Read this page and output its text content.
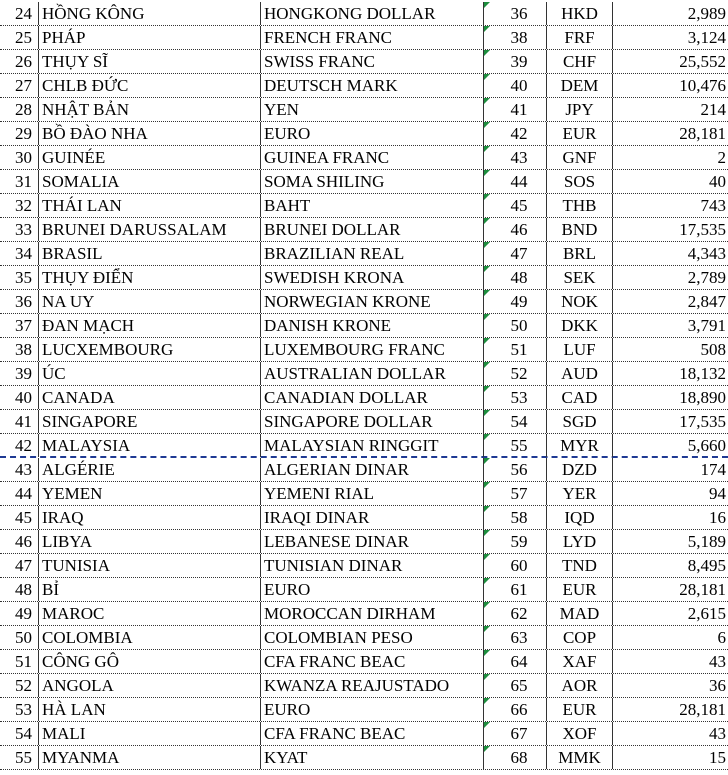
24 HỒNG KÔNG	HONGKONG DOLLAR	36	HKD	2,989
25 PHÁP	FRENCH FRANC	38	FRF	3,124
26 THỤY SĨ	SWISS FRANC	39	CHF	25,552
27 CHLB ĐỨC	DEUTSCH MARK	40	DEM	10,476
28 NHẬT BẢN	YEN	41	JPY	214
29 BỒ ĐÀO NHA	EURO	42	EUR	28,181
30 GUINÉE	GUINEA FRANC	43	GNF	2
31 SOMALIA	SOMA SHILING	44	SOS	40
32 THÁI LAN	BAHT	45	THB	743
33 BRUNEI DARUSSALAM	BRUNEI DOLLAR	46	BND	17,535
34 BRASIL	BRAZILIAN REAL	47	BRL	4,343
35 THỤY ĐIỂN	SWEDISH KRONA	48	SEK	2,789
36 NA UY	NORWEGIAN KRONE	49	NOK	2,847
37 ĐAN MẠCH	DANISH KRONE	50	DKK	3,791
38 LUCXEMBOURG	LUXEMBOURG FRANC	51	LUF	508
39 ÚC	AUSTRALIAN DOLLAR	52	AUD	18,132
40 CANADA	CANADIAN DOLLAR	53	CAD	18,890
41 SINGAPORE	SINGAPORE DOLLAR	54	SGD	17,535
42 MALAYSIA	MALAYSIAN RINGGIT	55	MYR	5,660
43 ALGÉRIE	ALGERIAN DINAR	56	DZD	174
44 YEMEN	YEMENI RIAL	57	YER	94
45 IRAQ	IRAQI DINAR	58	IQD	16
46 LIBYA	LEBANESE DINAR	59	LYD	5,189
47 TUNISIA	TUNISIAN DINAR	60	TND	8,495
48 BỈ	EURO	61	EUR	28,181
49 MAROC	MOROCCAN DIRHAM	62	MAD	2,615
50 COLOMBIA	COLOMBIAN PESO	63	COP	6
51 CÔNG GÔ	CFA FRANC BEAC	64	XAF	43
52 ANGOLA	KWANZA REAJUSTADO	65	AOR	36
53 HÀ LAN	EURO	66	EUR	28,181
54 MALI	CFA FRANC BEAC	67	XOF	43
55 MYANMA	KYAT	68	MMK	15
